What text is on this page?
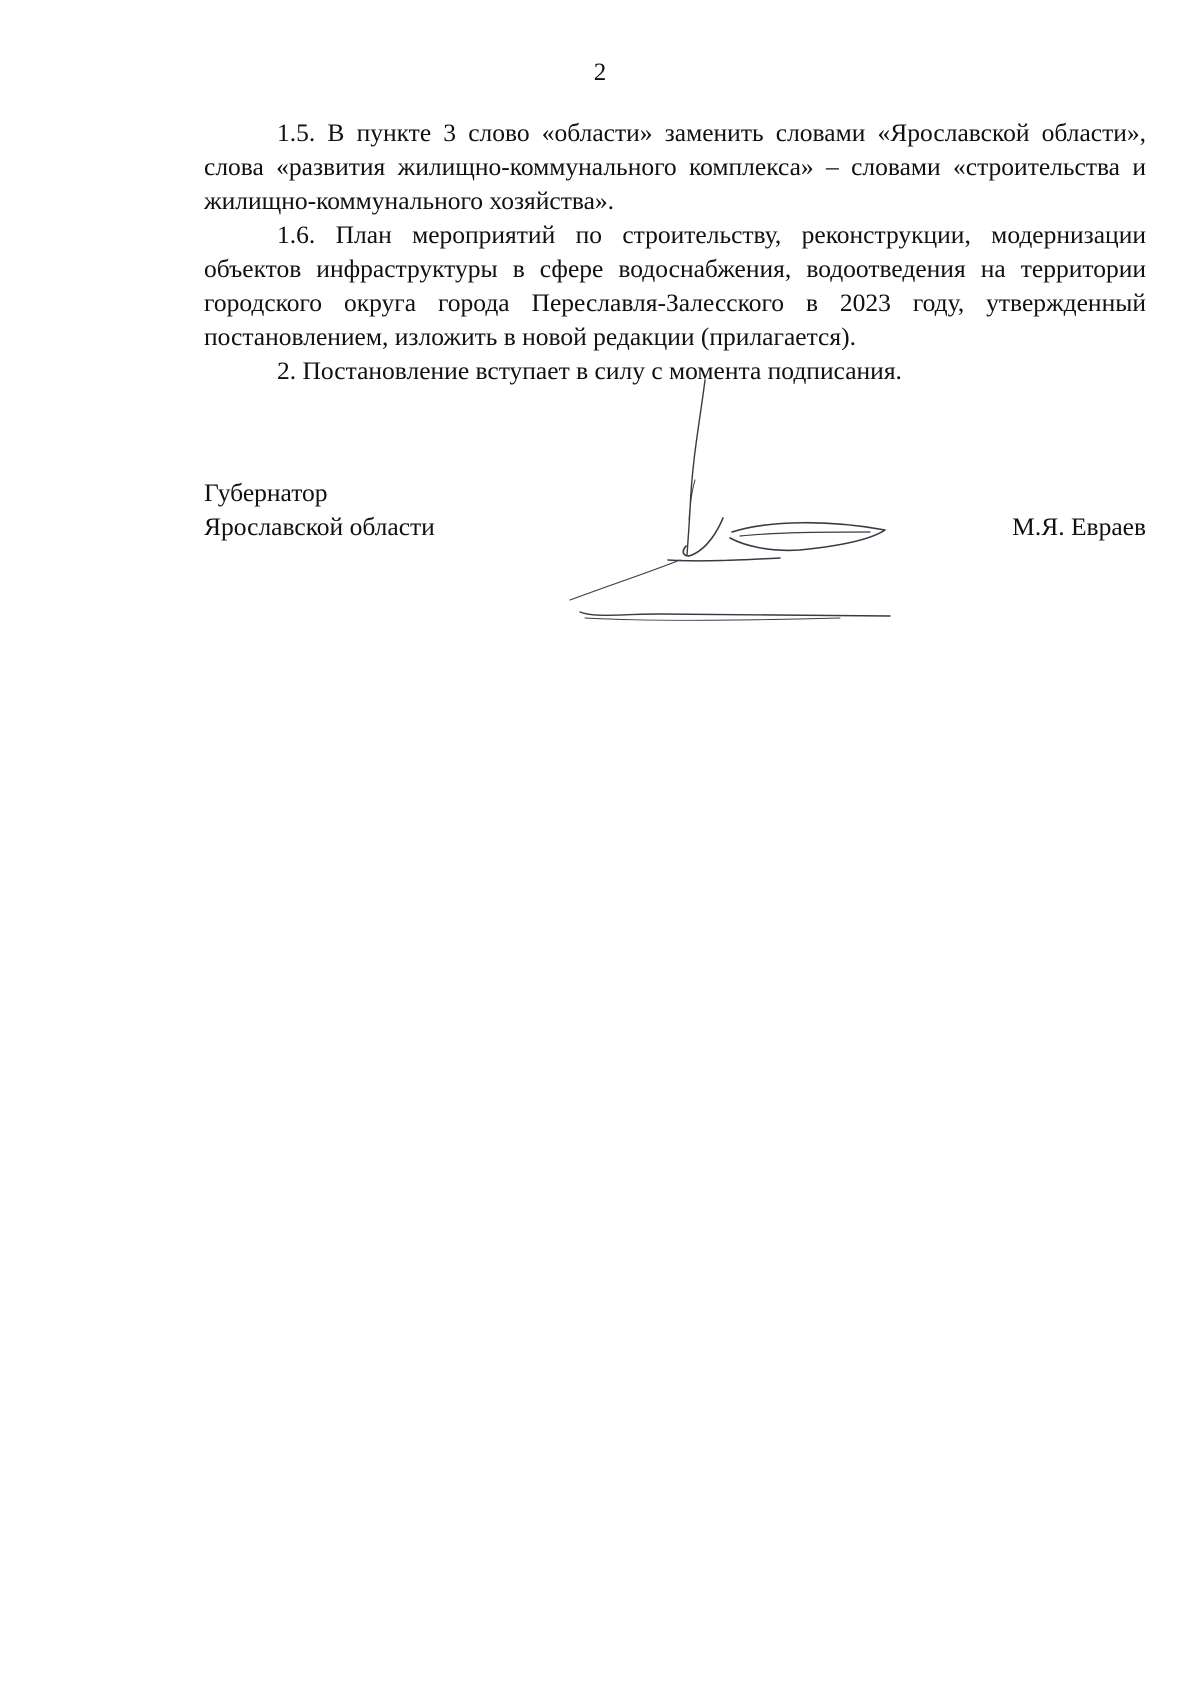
2

1.5. В пункте 3 слово «области» заменить словами «Ярославской области», слова «развития жилищно-коммунального комплекса» – словами «строительства и жилищно-коммунального хозяйства».

1.6. План мероприятий по строительству, реконструкции, модернизации объектов инфраструктуры в сфере водоснабжения, водоотведения на территории городского округа города Переславля-Залесского в 2023 году, утвержденный постановлением, изложить в новой редакции (прилагается).

2. Постановление вступает в силу с момента подписания.

Губернатор
Ярославской области	М.Я. Евраев
